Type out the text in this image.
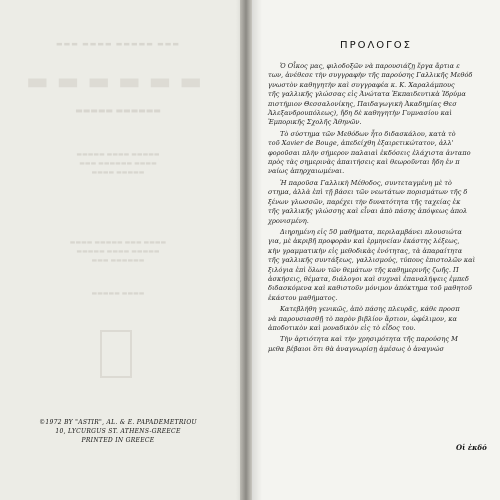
▬▬▬ ▬▬▬▬ ▬▬▬▬▬ ▬▬▬
▬▬▬▬▬▬
▬▬▬▬▬ ▬▬▬▬▬▬
▬▬▬▬▬ ▬▬▬▬ ▬▬▬▬▬
▬▬▬ ▬▬▬▬▬▬ ▬▬▬▬
▬▬▬▬ ▬▬▬▬▬
▬▬▬▬ ▬▬▬▬▬ ▬▬▬ ▬▬▬▬
▬▬▬▬▬ ▬▬▬▬ ▬▬▬▬▬
▬▬▬ ▬▬▬▬▬▬
▬▬▬▬▬ ▬▬▬▬
©1972 BY "ASTIR", AL. & E. PAPADEMETRIOU
10, LYCURGUS ST. ATHENS-GREECE
PRINTED IN GREECE
ΠΡΟΛΟΓΟΣ

Ὁ Οἶκος μας, φιλοδοξῶν νὰ παρουσιάζῃ ἔργα ἄρτια ε
των, ἀνέθεσε τὴν συγγραφὴν τῆς παρούσης Γαλλικῆς Μεθόδ
γνωστὸν καθηγητὴν καὶ συγγραφέα κ. Κ. Χαραλάμπους
τῆς γαλλικῆς γλώσσας εἰς Ἀνώτατα Ἐκπαιδευτικὰ Ἱδρύμα
πιστήμιον Θεσσαλονίκης, Παιδαγωγικὴ Ἀκαδημίας Θεσ
Ἀλεξανδρουπόλεως), ἤδη δὲ καθηγητὴν Γυμνασίου καὶ
Ἐμπορικῆς Σχολῆς Ἀθηνῶν.

Τὸ σύστημα τῶν Μεθόδων ἦτο διδασκάλου, κατὰ τὸ
τοῦ Xavier de Bouge, ἀπεδείχθη ἐξαιρετικώτατον, ἀλλ'
φοροῦσαι πλὴν σήμερον παλαιαὶ ἐκδόσεις ἐλάχιστα ἀνταπο
πρὸς τὰς σημερινὰς ἀπαιτήσεις καὶ θεωροῦνται ἤδη ἐν π
ναίως ἀπηρχαιωμέναι.

Ἡ παροῦσα Γαλλικὴ Μέθοδος, συντεταγμένη μὲ τὸ
στημα, ἀλλὰ ἐπὶ τῇ βάσει τῶν νεωτάτων πορισμάτων τῆς δ
ξένων γλωσσῶν, παρέχει τὴν δυνατότητα τῆς ταχείας ἐκ
τῆς γαλλικῆς γλώσσης καὶ εἶναι ἀπὸ πάσης ἀπόψεως ἀπολ
χρονισμένη.

Διηρημένη εἰς 50 μαθήματα, περιλαμβάνει πλουσιώτα
για, μὲ ἀκριβῆ προφορὰν καὶ ἑρμηνείαν ἑκάστης λέξεως,
κὴν γραμματικὴν εἰς μεθοδικὰς ἑνότητας, τὰ ἀπαραίτητα
τῆς γαλλικῆς συντάξεως, γαλλισμούς, τύπους ἐπιστολῶν καὶ
ξιλόγια ἐπὶ ὅλων τῶν θεμάτων τῆς καθημερινῆς ζωῆς. Π
ἀσκήσεις, θέματα, διάλογοι καὶ συχναὶ ἐπαναλήψεις ἐμπεδ
διδασκόμενα καὶ καθιστοῦν μόνιμον ἀπόκτημα τοῦ μαθητοῦ
ἑκάστου μαθήματος.

Κατεβλήθη γενικῶς, ἀπὸ πάσης πλευρᾶς, κάθε προσπ
νὰ παρουσιασθῇ τὸ παρὸν βιβλίον ἄρτιον, ὠφέλιμον, κα
ἀποδοτικὸν καὶ μοναδικὸν εἰς τὸ εἶδος του.

Τὴν ἀρτιότητα καὶ τὴν χρησιμότητα τῆς παρούσης Μ
μεθα βέβαιοι ὅτι θὰ ἀναγνωρίσῃ ἀμέσως ὁ ἀναγνώσ

Οἱ ἐκδό
